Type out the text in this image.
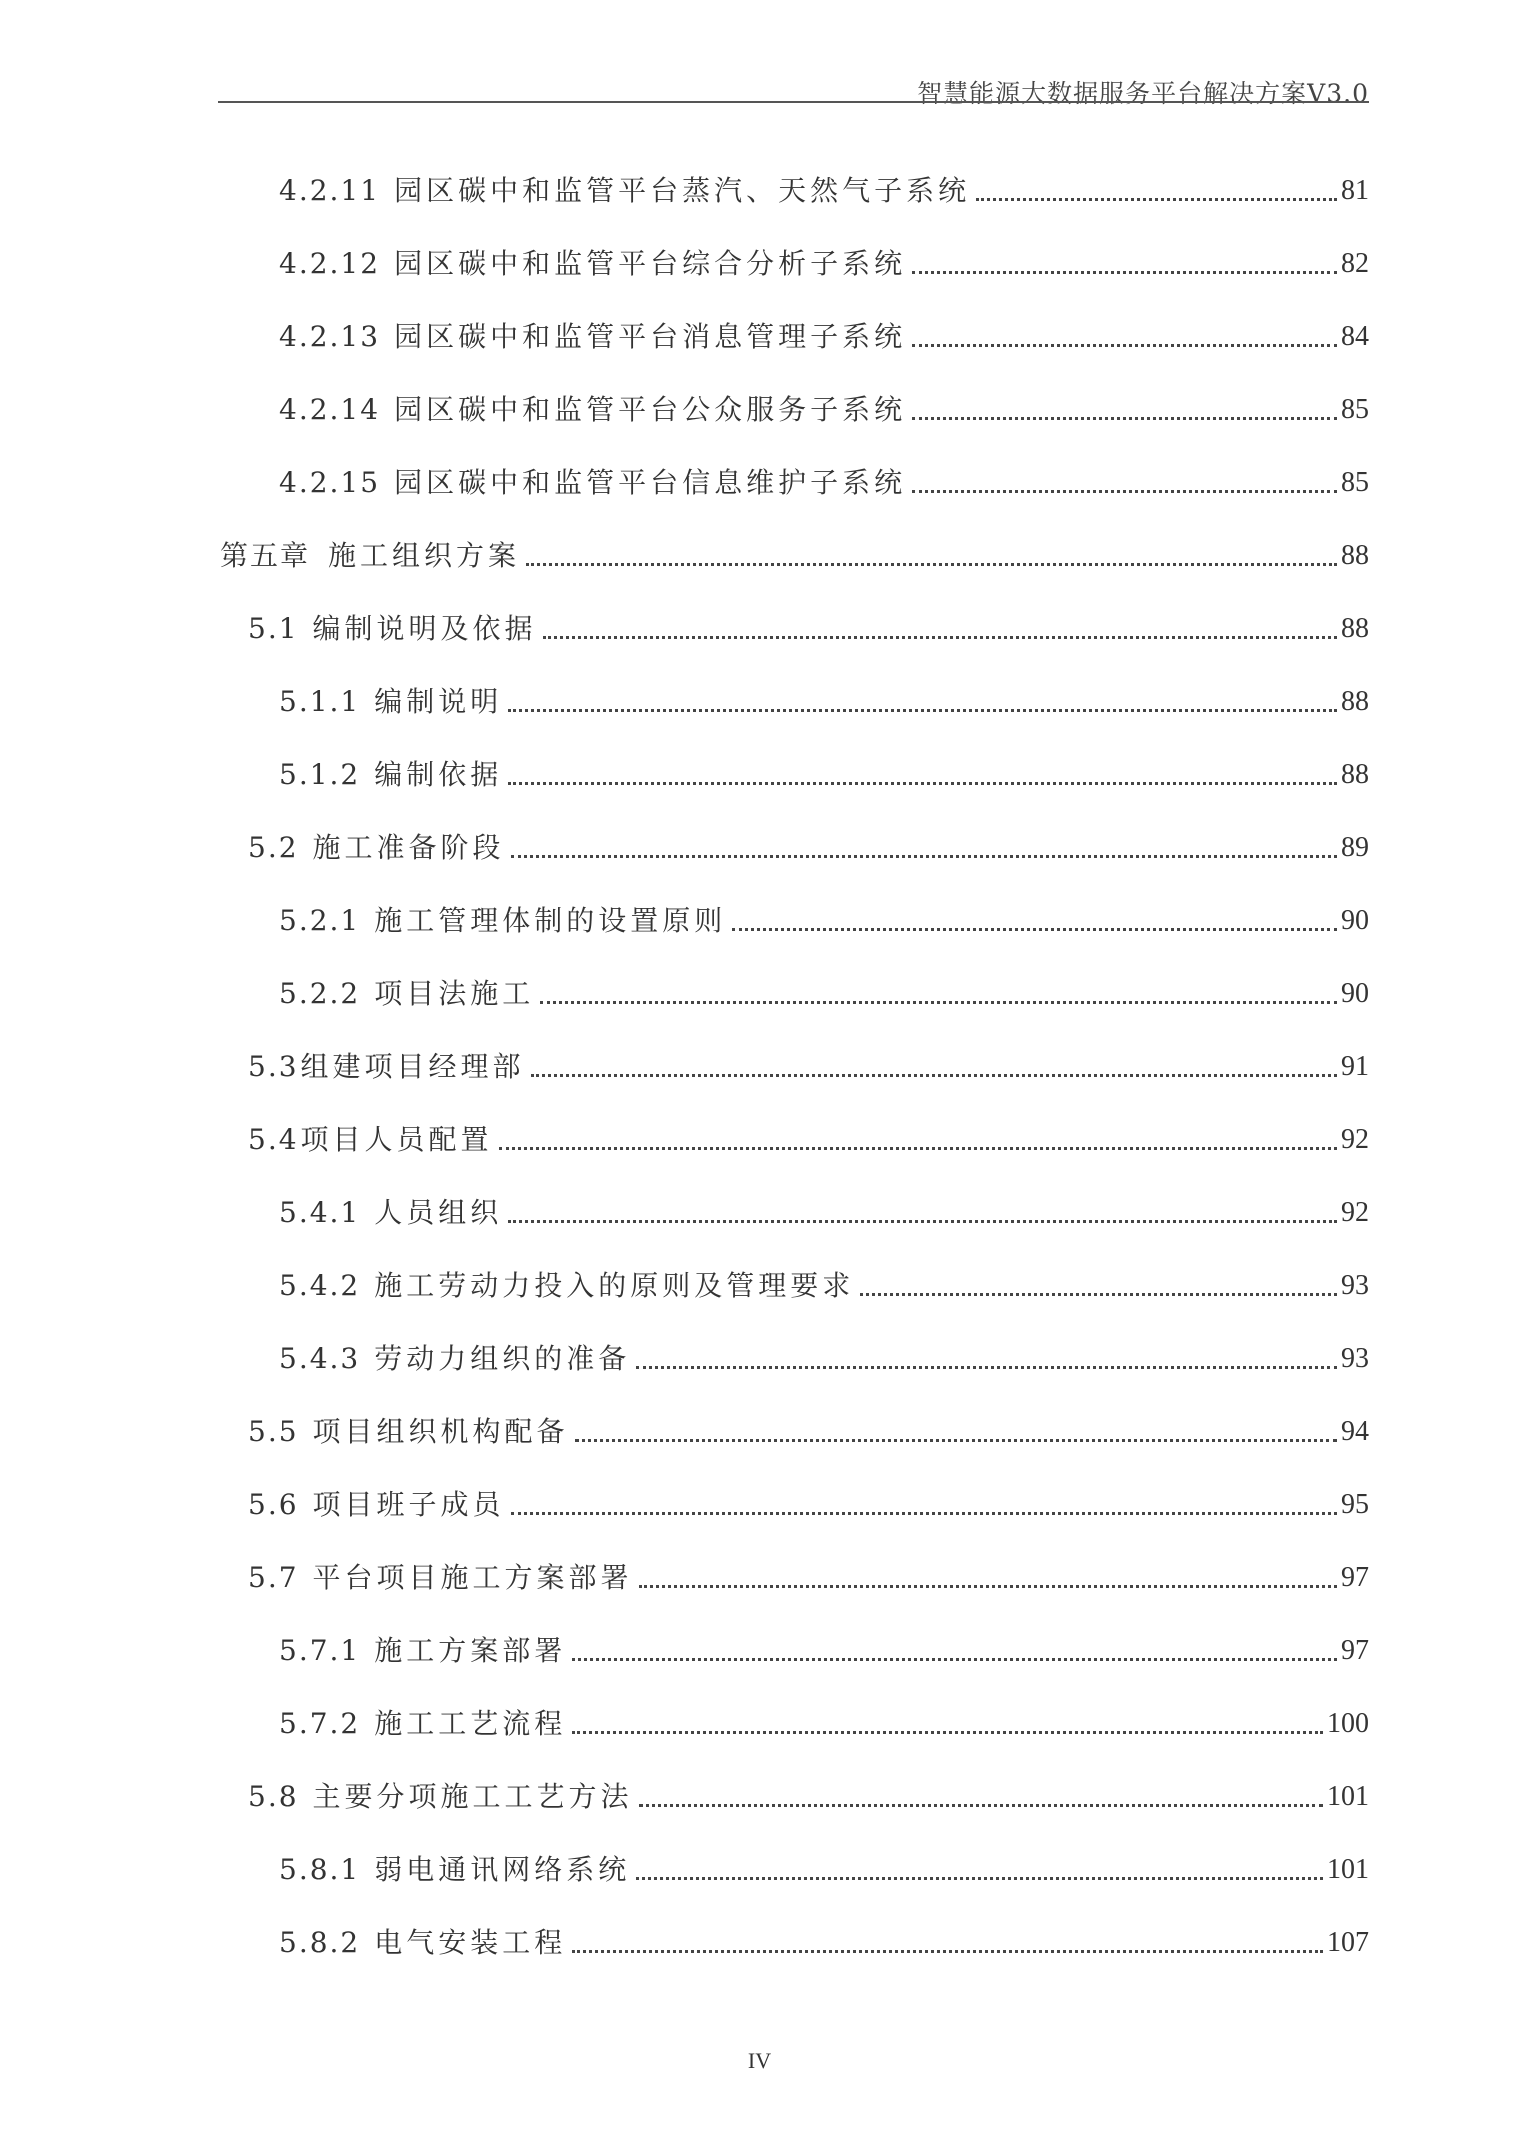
智慧能源大数据服务平台解决方案V3.0
4.2.11 园区碳中和监管平台蒸汽、天然气子系统	81
4.2.12 园区碳中和监管平台综合分析子系统	82
4.2.13 园区碳中和监管平台消息管理子系统	84
4.2.14 园区碳中和监管平台公众服务子系统	85
4.2.15 园区碳中和监管平台信息维护子系统	85
第五章 施工组织方案	88
5.1 编制说明及依据	88
5.1.1 编制说明	88
5.1.2 编制依据	88
5.2 施工准备阶段	89
5.2.1 施工管理体制的设置原则	90
5.2.2 项目法施工	90
5.3 组建项目经理部	91
5.4 项目人员配置	92
5.4.1 人员组织	92
5.4.2 施工劳动力投入的原则及管理要求	93
5.4.3 劳动力组织的准备	93
5.5 项目组织机构配备	94
5.6 项目班子成员	95
5.7 平台项目施工方案部署	97
5.7.1 施工方案部署	97
5.7.2 施工工艺流程	100
5.8 主要分项施工工艺方法	101
5.8.1 弱电通讯网络系统	101
5.8.2 电气安装工程	107
IV
